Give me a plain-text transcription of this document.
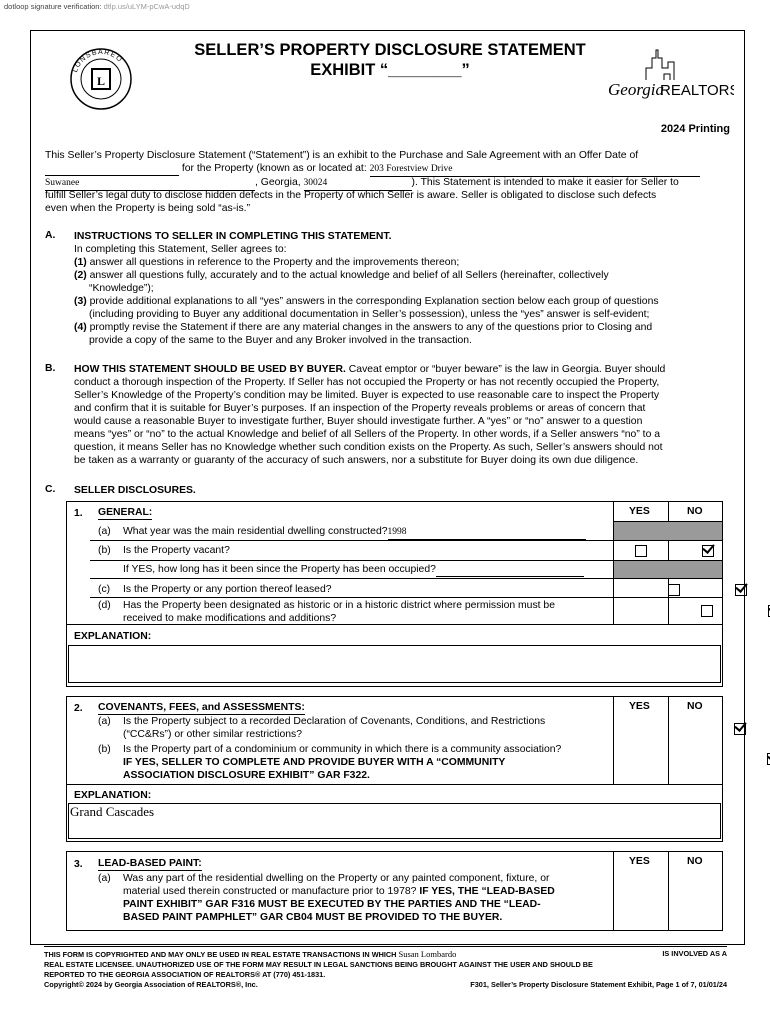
dotloop signature verification: dtlp.us/uLYM-pCwA-udqD
L
LONSBAREO
SELLER’S PROPERTY DISCLOSURE STATEMENT
EXHIBIT “________”
Georgia
REALTORS
2024 Printing
This Seller’s Property Disclosure Statement (“Statement”) is an exhibit to the Purchase and Sale Agreement with an Offer Date of
for the Property (known as or located at: 203 Forestview Drive
Suwanee	, Georgia, 30024	). This Statement is intended to make it easier for Seller to
fulfill Seller’s legal duty to disclose hidden defects in the Property of which Seller is aware. Seller is obligated to disclose such defects
even when the Property is being sold “as-is.”
A. INSTRUCTIONS TO SELLER IN COMPLETING THIS STATEMENT.
In completing this Statement, Seller agrees to:
(1) answer all questions in reference to the Property and the improvements thereon;
(2) answer all questions fully, accurately and to the actual knowledge and belief of all Sellers (hereinafter, collectively
“Knowledge”);
(3) provide additional explanations to all “yes” answers in the corresponding Explanation section below each group of questions
(including providing to Buyer any additional documentation in Seller’s possession), unless the “yes” answer is self-evident;
(4) promptly revise the Statement if there are any material changes in the answers to any of the questions prior to Closing and
provide a copy of the same to the Buyer and any Broker involved in the transaction.
B. HOW THIS STATEMENT SHOULD BE USED BY BUYER. Caveat emptor or “buyer beware” is the law in Georgia. Buyer should
conduct a thorough inspection of the Property. If Seller has not occupied the Property or has not recently occupied the Property,
Seller’s Knowledge of the Property’s condition may be limited. Buyer is expected to use reasonable care to inspect the Property
and confirm that it is suitable for Buyer’s purposes. If an inspection of the Property reveals problems or areas of concern that
would cause a reasonable Buyer to investigate further, Buyer should investigate further. A “yes” or “no” answer to a question
means “yes” or “no” to the actual Knowledge and belief of all Sellers of the Property. In other words, if a Seller answers “no” to a
question, it means Seller has no Knowledge whether such condition exists on the Property. As such, Seller’s answers should not
be taken as a warranty or guaranty of the accuracy of such answers, nor a substitute for Buyer doing its own due diligence.
C. SELLER DISCLOSURES.
1. GENERAL:	YES	NO
(a) What year was the main residential dwelling constructed?1998
(b) Is the Property vacant?

If YES, how long has it been since the Property has been occupied?
(c) Is the Property or any portion thereof leased?

(d) Has the Property been designated as historic or in a historic district where permission must be
received to make modifications and additions?

EXPLANATION:
2. COVENANTS, FEES, and ASSESSMENTS:	YES	NO
(a) Is the Property subject to a recorded Declaration of Covenants, Conditions, and Restrictions
(“CC&Rs”) or other similar restrictions?

(b) Is the Property part of a condominium or community in which there is a community association?
IF YES, SELLER TO COMPLETE AND PROVIDE BUYER WITH A “COMMUNITY
ASSOCIATION DISCLOSURE EXHIBIT” GAR F322.

EXPLANATION:
Grand Cascades
3. LEAD-BASED PAINT:	YES	NO
(a) Was any part of the residential dwelling on the Property or any painted component, fixture, or
material used therein constructed or manufacture prior to 1978? IF YES, THE “LEAD-BASED
PAINT EXHIBIT” GAR F316 MUST BE EXECUTED BY THE PARTIES AND THE “LEAD-
BASED PAINT PAMPHLET” GAR CB04 MUST BE PROVIDED TO THE BUYER.

THIS FORM IS COPYRIGHTED AND MAY ONLY BE USED IN REAL ESTATE TRANSACTIONS IN WHICH Susan Lombardo	IS INVOLVED AS A
REAL ESTATE LICENSEE. UNAUTHORIZED USE OF THE FORM MAY RESULT IN LEGAL SANCTIONS BEING BROUGHT AGAINST THE USER AND SHOULD BE
REPORTED TO THE GEORGIA ASSOCIATION OF REALTORS® AT (770) 451-1831.
Copyright© 2024 by Georgia Association of REALTORS®, Inc.	F301, Seller’s Property Disclosure Statement Exhibit, Page 1 of 7, 01/01/24
